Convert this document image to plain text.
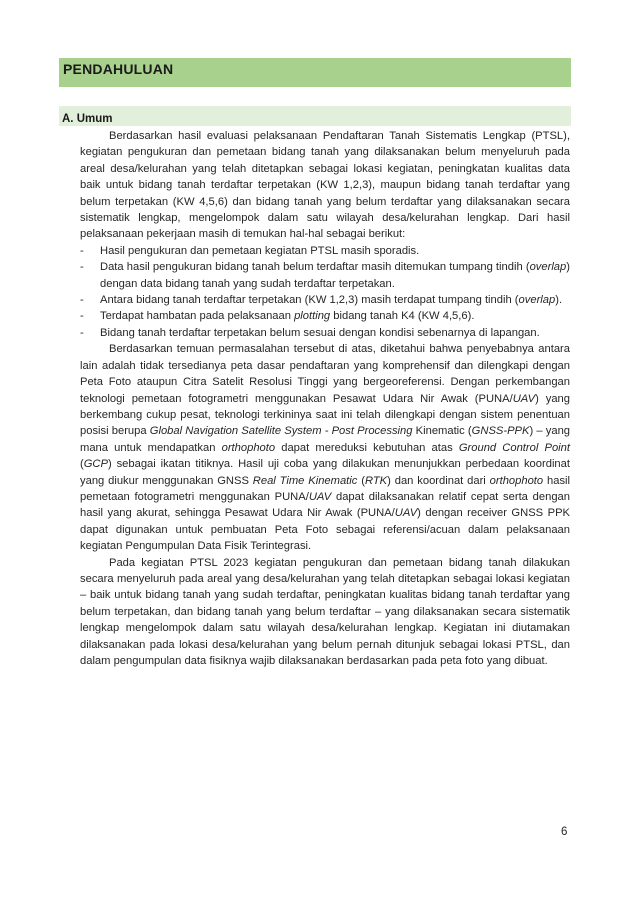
PENDAHULUAN
A. Umum

Berdasarkan hasil evaluasi pelaksanaan Pendaftaran Tanah Sistematis Lengkap (PTSL), kegiatan pengukuran dan pemetaan bidang tanah yang dilaksanakan belum menyeluruh pada areal desa/kelurahan yang telah ditetapkan sebagai lokasi kegiatan, peningkatan kualitas data baik untuk bidang tanah terdaftar terpetakan (KW 1,2,3), maupun bidang tanah terdaftar yang belum terpetakan (KW 4,5,6) dan bidang tanah yang belum terdaftar yang dilaksanakan secara sistematik lengkap, mengelompok dalam satu wilayah desa/kelurahan lengkap. Dari hasil pelaksanaan pekerjaan masih di temukan hal-hal sebagai berikut:

- Hasil pengukuran dan pemetaan kegiatan PTSL masih sporadis.
- Data hasil pengukuran bidang tanah belum terdaftar masih ditemukan tumpang tindih (overlap) dengan data bidang tanah yang sudah terdaftar terpetakan.
- Antara bidang tanah terdaftar terpetakan (KW 1,2,3) masih terdapat tumpang tindih (overlap).
- Terdapat hambatan pada pelaksanaan plotting bidang tanah K4 (KW 4,5,6).
- Bidang tanah terdaftar terpetakan belum sesuai dengan kondisi sebenarnya di lapangan.

Berdasarkan temuan permasalahan tersebut di atas, diketahui bahwa penyebabnya antara lain adalah tidak tersedianya peta dasar pendaftaran yang komprehensif dan dilengkapi dengan Peta Foto ataupun Citra Satelit Resolusi Tinggi yang bergeoreferensi. Dengan perkembangan teknologi pemetaan fotogrametri menggunakan Pesawat Udara Nir Awak (PUNA/UAV) yang berkembang cukup pesat, teknologi terkininya saat ini telah dilengkapi dengan sistem penentuan posisi berupa Global Navigation Satellite System - Post Processing Kinematic (GNSS-PPK) – yang mana untuk mendapatkan orthophoto dapat mereduksi kebutuhan atas Ground Control Point (GCP) sebagai ikatan titiknya. Hasil uji coba yang dilakukan menunjukkan perbedaan koordinat yang diukur menggunakan GNSS Real Time Kinematic (RTK) dan koordinat dari orthophoto hasil pemetaan fotogrametri menggunakan PUNA/UAV dapat dilaksanakan relatif cepat serta dengan hasil yang akurat, sehingga Pesawat Udara Nir Awak (PUNA/UAV) dengan receiver GNSS PPK dapat digunakan untuk pembuatan Peta Foto sebagai referensi/acuan dalam pelaksanaan kegiatan Pengumpulan Data Fisik Terintegrasi.

Pada kegiatan PTSL 2023 kegiatan pengukuran dan pemetaan bidang tanah dilakukan secara menyeluruh pada areal yang desa/kelurahan yang telah ditetapkan sebagai lokasi kegiatan – baik untuk bidang tanah yang sudah terdaftar, peningkatan kualitas bidang tanah terdaftar yang belum terpetakan, dan bidang tanah yang belum terdaftar – yang dilaksanakan secara sistematik lengkap mengelompok dalam satu wilayah desa/kelurahan lengkap. Kegiatan ini diutamakan dilaksanakan pada lokasi desa/kelurahan yang belum pernah ditunjuk sebagai lokasi PTSL, dan dalam pengumpulan data fisiknya wajib dilaksanakan berdasarkan pada peta foto yang dibuat.

6
